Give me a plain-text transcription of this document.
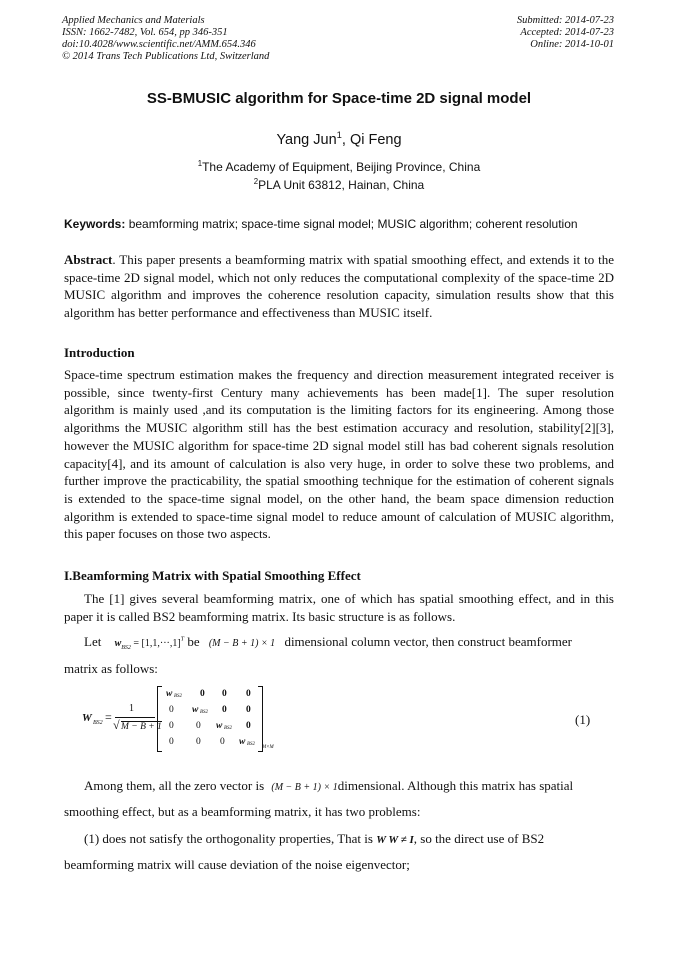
Applied Mechanics and Materials
ISSN: 1662-7482, Vol. 654, pp 346-351
doi:10.4028/www.scientific.net/AMM.654.346
© 2014 Trans Tech Publications Ltd, Switzerland
Submitted: 2014-07-23
Accepted: 2014-07-23
Online: 2014-10-01
SS-BMUSIC algorithm for Space-time 2D signal model
Yang Jun$^1$, Qi Feng
$^1$The Academy of Equipment, Beijing Province, China
$^2$PLA Unit 63812, Hainan, China
Keywords: beamforming matrix; space-time signal model; MUSIC algorithm; coherent resolution
Abstract. This paper presents a beamforming matrix with spatial smoothing effect, and extends it to the space-time 2D signal model, which not only reduces the computational complexity of the space-time 2D MUSIC algorithm and improves the coherence resolution capacity, simulation results show that this algorithm has better performance and effectiveness than MUSIC itself.
Introduction
Space-time spectrum estimation makes the frequency and direction measurement integrated receiver is possible, since twenty-first Century many achievements has been made[1]. The super resolution algorithm is mainly used ,and its computation is the limiting factors for its engineering. Among those algorithms the MUSIC algorithm still has the best estimation accuracy and resolution, stability[2][3], however the MUSIC algorithm for space-time 2D signal model still has bad coherent signals resolution capacity[4], and its amount of calculation is also very huge, in order to solve these two problems, and further improve the practicability, the spatial smoothing technique for the estimation of coherent signals is extended to the space-time signal model, on the other hand, the beam space dimension reduction algorithm is extended to space-time signal model to reduce amount of calculation of MUSIC algorithm, this paper focuses on those two aspects.
I.Beamforming Matrix with Spatial Smoothing Effect
The [1] gives several beamforming matrix, one of which has spatial smoothing effect, and in this paper it is called BS2 beamforming matrix. Its basic structure is as follows.
Let $w_{BS2} = [1,1,\cdot\cdot\cdot,1]^T$ be (M − B + 1) × 1 dimensional column vector, then construct beamformer
matrix as follows:
W BS2 =
1
√ M − B + 1
w BS2 0 0 0
0 w BS2 0 0
0 0 w BS2 0
0 0 0 w BS2
M×M
(1)
Among them, all the zero vector is (M − B + 1) × 1dimensional. Although this matrix has spatial
smoothing effect, but as a beamforming matrix, it has two problems:
(1) does not satisfy the orthogonality properties, That is W W ≠ I, so the direct use of BS2
beamforming matrix will cause deviation of the noise eigenvector;
